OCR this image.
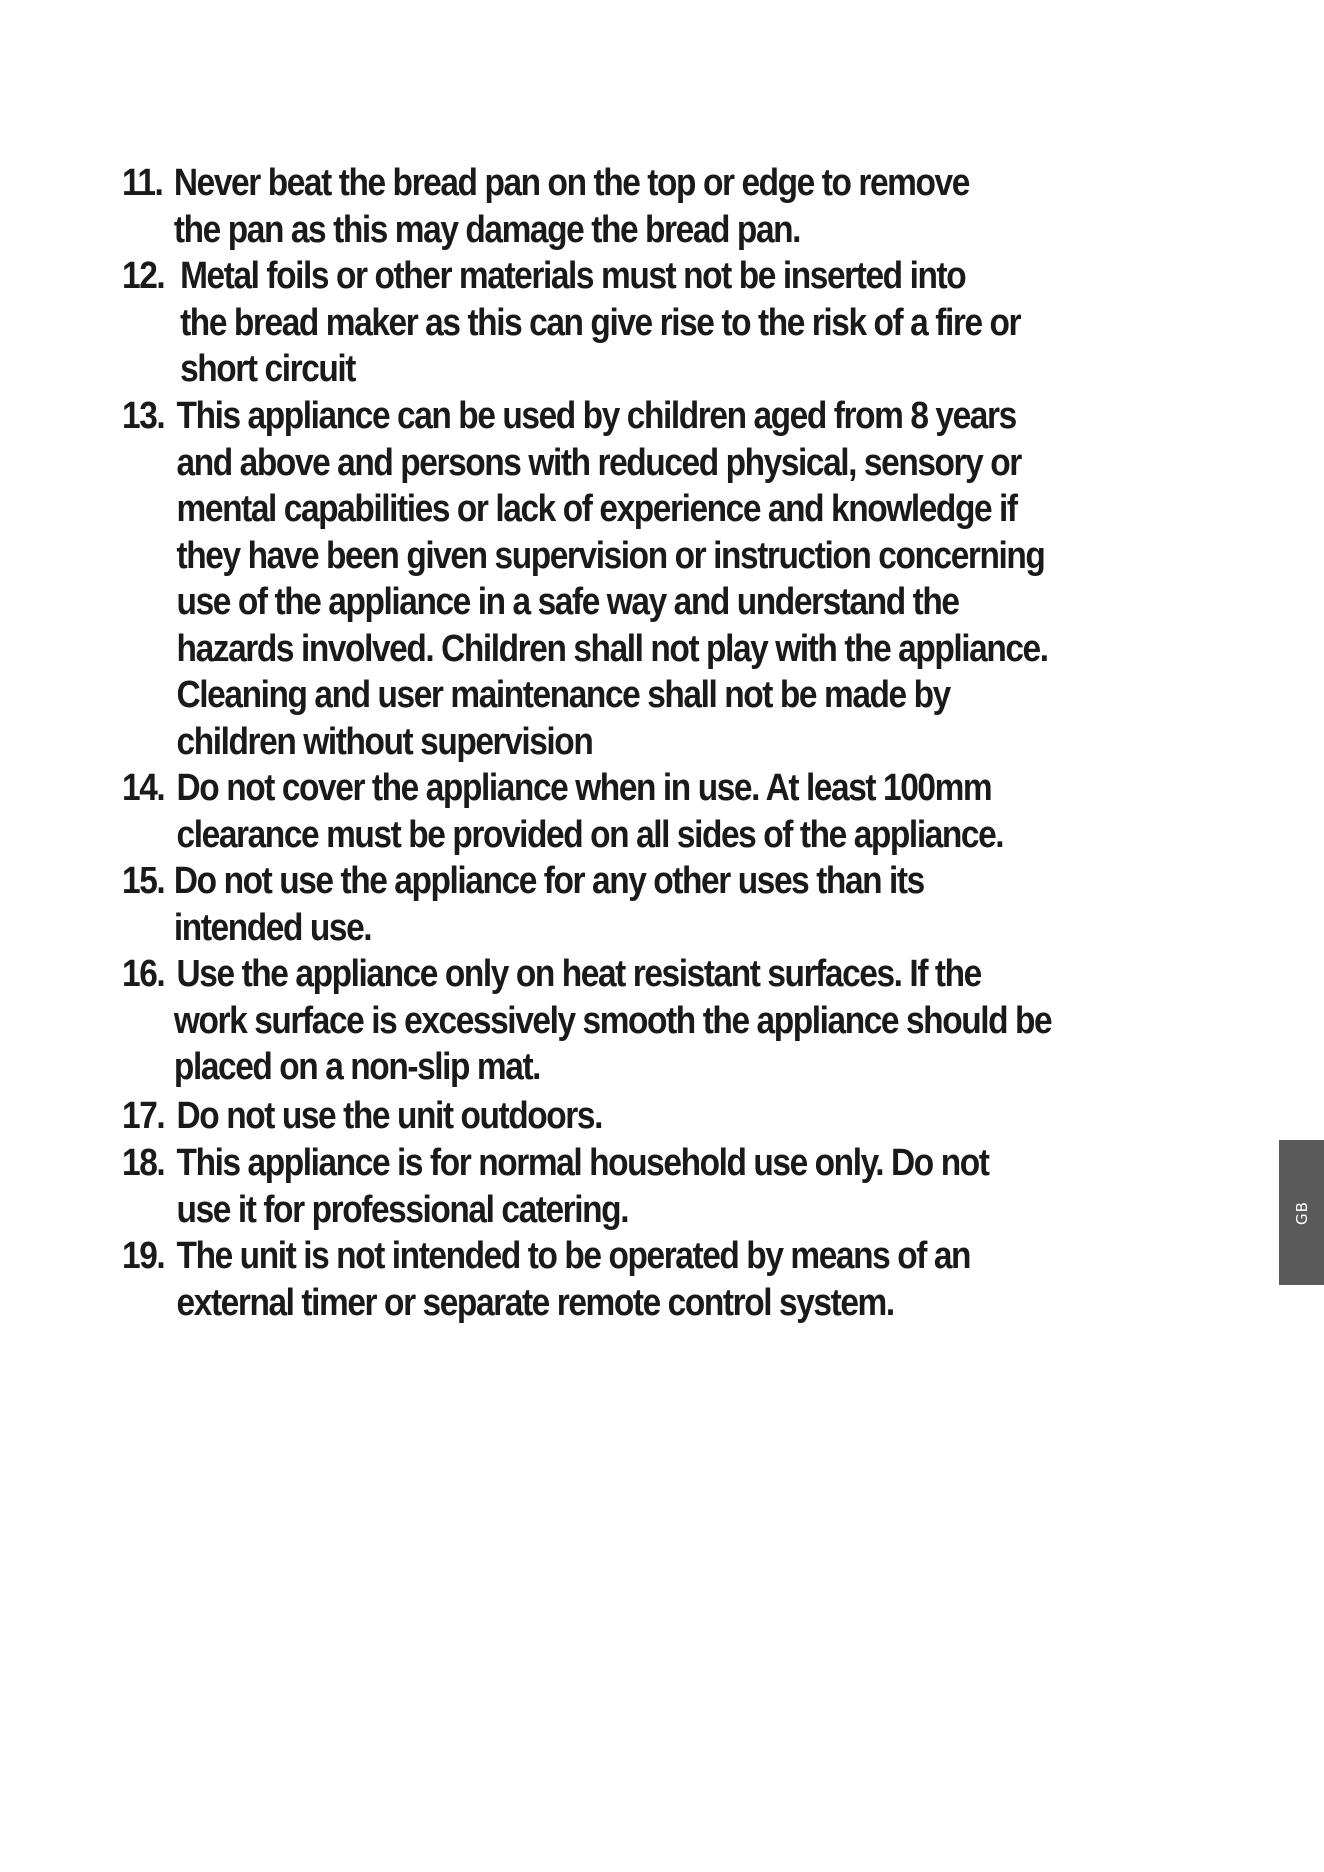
11. Never beat the bread pan on the top or edge to remove
the pan as this may damage the bread pan.
12. Metal foils or other materials must not be inserted into
the bread maker as this can give rise to the risk of a fire or
short circuit
13. This appliance can be used by children aged from 8 years
and above and persons with reduced physical, sensory or
mental capabilities or lack of experience and knowledge if
they have been given supervision or instruction concerning
use of the appliance in a safe way and understand the
hazards involved. Children shall not play with the appliance.
Cleaning and user maintenance shall not be made by
children without supervision
14. Do not cover the appliance when in use. At least 100mm
clearance must be provided on all sides of the appliance.
15. Do not use the appliance for any other uses than its
intended use.
16. Use the appliance only on heat resistant surfaces. If the
work surface is excessively smooth the appliance should be
placed on a non-slip mat.
17. Do not use the unit outdoors.
18. This appliance is for normal household use only. Do not
use it for professional catering.
19. The unit is not intended to be operated by means of an
external timer or separate remote control system.
GB
